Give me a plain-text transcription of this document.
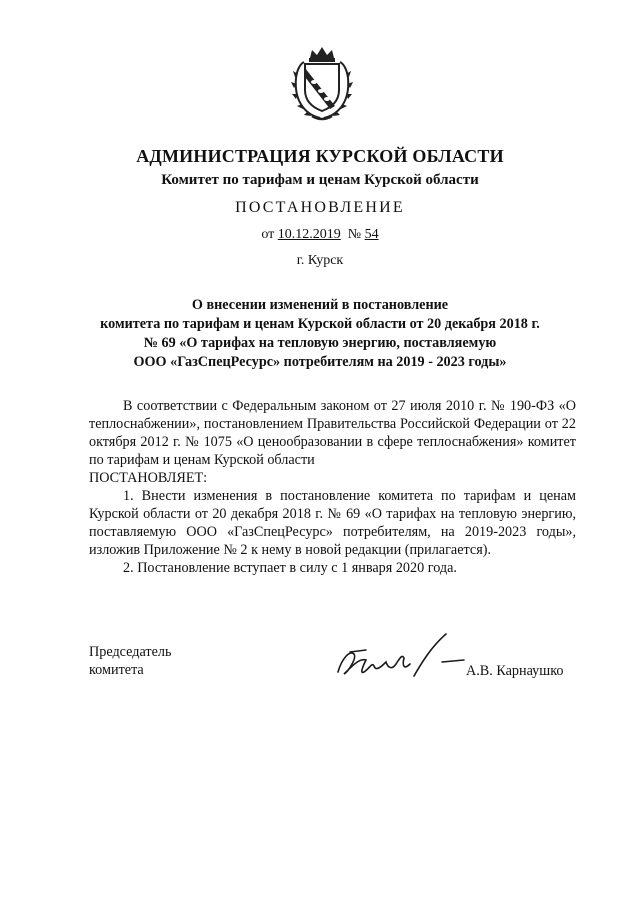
АДМИНИСТРАЦИЯ КУРСКОЙ ОБЛАСТИ
Комитет по тарифам и ценам Курской области
ПОСТАНОВЛЕНИЕ
от 10.12.2019  № 54
г. Курск
О внесении изменений в постановление
комитета по тарифам и ценам Курской области от 20 декабря 2018 г.
№ 69 «О тарифах на тепловую энергию, поставляемую
ООО «ГазСпецРесурс» потребителям на 2019 - 2023 годы»

В соответствии с Федеральным законом от 27 июля 2010 г. № 190-ФЗ «О теплоснабжении», постановлением Правительства Российской Федерации от 22 октября 2012 г. № 1075 «О ценообразовании в сфере теплоснабжения» комитет по тарифам и ценам Курской области

ПОСТАНОВЛЯЕТ:

1. Внести изменения в постановление комитета по тарифам и ценам Курской области от 20 декабря 2018 г. № 69 «О тарифах на тепловую энергию, поставляемую ООО «ГазСпецРесурс» потребителям, на 2019-2023 годы», изложив Приложение № 2 к нему в новой редакции (прилагается).

2. Постановление вступает в силу с 1 января 2020 года.

Председатель
комитета	А.В. Карнаушко
